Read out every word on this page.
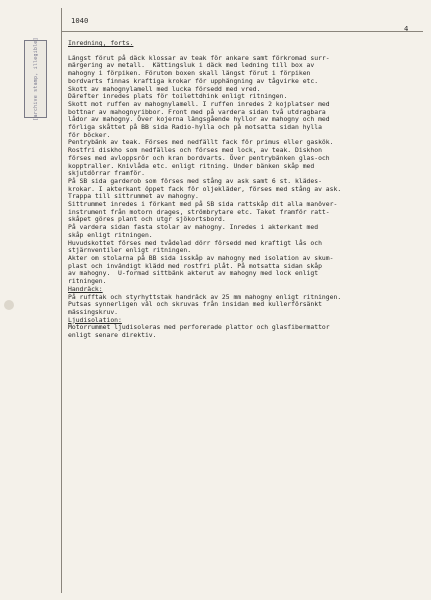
[archive stamp, illegible]
1040
4
Inredning, forts.
Längst förut på däck klossar av teak för ankare samt förkromad surr-
märgering av metall.  Kättingsluk i däck med ledning till box av
mahogny i förpiken. Förutom boxen skall längst förut i förpiken
bordvarts finnas kraftiga krokar för upphängning av tågvirke etc.
Skott av mahognylamell med lucka försedd med vred.
Därefter inredes plats för toilettdhink enligt ritningen.
Skott mot ruffen av mahognylamell. I ruffen inredes 2 kojplatser med
bottnar av mahognyribbor. Front med på vardera sidan två utdragbara
lådor av mahogny. Över kojerna längsgående hyllor av mahogny och med
förliga skåttet på BB sida Radio-hylla och på motsatta sidan hylla
för böcker.
Pentrybänk av teak. Förses med nedfällt fack för primus eller gaskök.
Rostfri diskho som nedfälles och förses med lock, av teak. Diskhon
förses med avloppsrör och kran bordvarts. Över pentrybänken glas-och
kopptraller. Knivlåda etc. enligt ritning. Under bänken skåp med
skjutdörrar framför.
På SB sida garderob som förses med stång av ask samt 6 st. klädes-
krokar. I akterkant öppet fack för oljekläder, förses med stång av ask.
Trappa till sittrummet av mahogny.
Sittrummet inredes i förkant med på SB sida rattskåp dit alla manöver-
instrument från motorn drages, strömbrytare etc. Taket framför ratt-
skåpet göres plant och utgr sjökortsbord.
På vardera sidan fasta stolar av mahogny. Inredes i akterkant med
skåp enligt ritningen.
Huvudskottet förses med tvådelad dörr försedd med kraftigt lås och
stjärnventiler enligt ritningen.
Akter om stolarna på BB sida isskåp av mahogny med isolation av skum-
plast och invändigt klädd med rostfri plåt. På motsatta sidan skåp
av mahogny.  U-formad sittbänk akterut av mahogny med lock enligt
ritningen.
Handräck:
På rufftak och styrhyttstak handräck av 25 mm mahogny enligt ritningen.
Putsas synnerligen väl och skruvas från insidan med kullerförsänkt
mässingskruv.
Ljudisolation:
Motorrummet ljudisoleras med perforerade plattor och glasfibermattor
enligt senare direktiv.
